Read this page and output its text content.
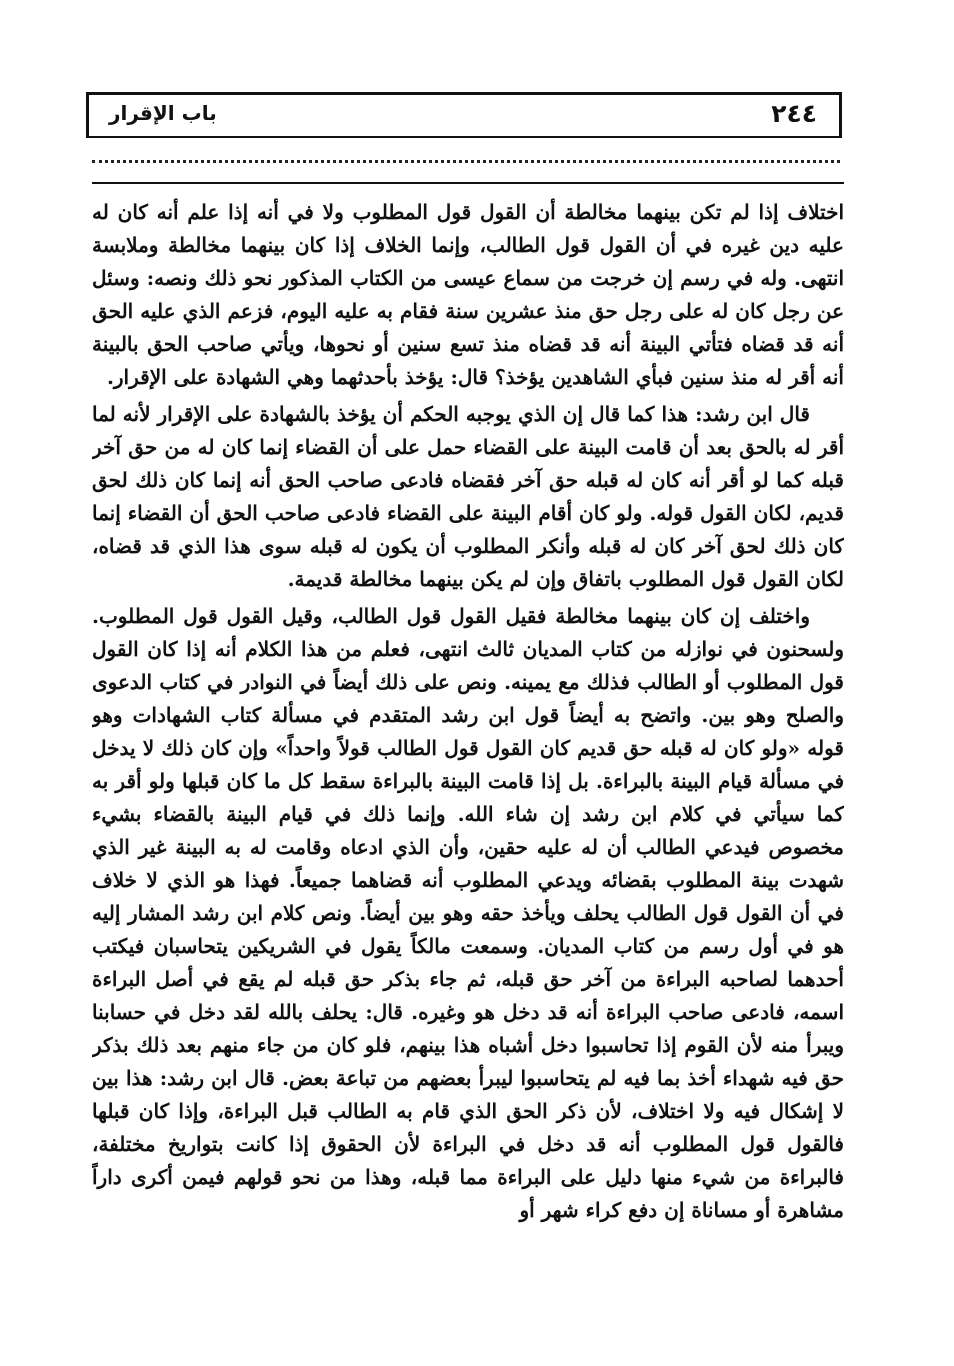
٢٤٤
باب الإقرار

اختلاف إذا لم تكن بينهما مخالطة أن القول قول المطلوب ولا في أنه إذا علم أنه كان له عليه دين غيره في أن القول قول الطالب، وإنما الخلاف إذا كان بينهما مخالطة وملابسة انتهى. وله في رسم إن خرجت من سماع عيسى من الكتاب المذكور نحو ذلك ونصه: وسئل عن رجل كان له على رجل حق منذ عشرين سنة فقام به عليه اليوم، فزعم الذي عليه الحق أنه قد قضاه فتأتي البينة أنه قد قضاه منذ تسع سنين أو نحوها، ويأتي صاحب الحق بالبينة أنه أقر له منذ سنين فبأي الشاهدين يؤخذ؟ قال: يؤخذ بأحدثهما وهي الشهادة على الإقرار.

قال ابن رشد: هذا كما قال إن الذي يوجبه الحكم أن يؤخذ بالشهادة على الإقرار لأنه لما أقر له بالحق بعد أن قامت البينة على القضاء حمل على أن القضاء إنما كان له من حق آخر قبله كما لو أقر أنه كان له قبله حق آخر فقضاه فادعى صاحب الحق أنه إنما كان ذلك لحق قديم، لكان القول قوله. ولو كان أقام البينة على القضاء فادعى صاحب الحق أن القضاء إنما كان ذلك لحق آخر كان له قبله وأنكر المطلوب أن يكون له قبله سوى هذا الذي قد قضاه، لكان القول قول المطلوب باتفاق وإن لم يكن بينهما مخالطة قديمة.

واختلف إن كان بينهما مخالطة فقيل القول قول الطالب، وقيل القول قول المطلوب. ولسحنون في نوازله من كتاب المديان ثالث انتهى، فعلم من هذا الكلام أنه إذا كان القول قول المطلوب أو الطالب فذلك مع يمينه. ونص على ذلك أيضاً في النوادر في كتاب الدعوى والصلح وهو بين. واتضح به أيضاً قول ابن رشد المتقدم في مسألة كتاب الشهادات وهو قوله «ولو كان له قبله حق قديم كان القول قول الطالب قولاً واحداً» وإن كان ذلك لا يدخل في مسألة قيام البينة بالبراءة. بل إذا قامت البينة بالبراءة سقط كل ما كان قبلها ولو أقر به كما سيأتي في كلام ابن رشد إن شاء الله. وإنما ذلك في قيام البينة بالقضاء بشيء مخصوص فيدعي الطالب أن له عليه حقين، وأن الذي ادعاه وقامت له به البينة غير الذي شهدت بينة المطلوب بقضائه ويدعي المطلوب أنه قضاهما جميعاً. فهذا هو الذي لا خلاف في أن القول قول الطالب يحلف ويأخذ حقه وهو بين أيضاً. ونص كلام ابن رشد المشار إليه هو في أول رسم من كتاب المديان. وسمعت مالكاً يقول في الشريكين يتحاسبان فيكتب أحدهما لصاحبه البراءة من آخر حق قبله، ثم جاء بذكر حق قبله لم يقع في أصل البراءة اسمه، فادعى صاحب البراءة أنه قد دخل هو وغيره. قال: يحلف بالله لقد دخل في حسابنا ويبرأ منه لأن القوم إذا تحاسبوا دخل أشباه هذا بينهم، فلو كان من جاء منهم بعد ذلك بذكر حق فيه شهداء أخذ بما فيه لم يتحاسبوا ليبرأ بعضهم من تباعة بعض. قال ابن رشد: هذا بين لا إشكال فيه ولا اختلاف، لأن ذكر الحق الذي قام به الطالب قبل البراءة، وإذا كان قبلها فالقول قول المطلوب أنه قد دخل في البراءة لأن الحقوق إذا كانت بتواريخ مختلفة، فالبراءة من شيء منها دليل على البراءة مما قبله، وهذا من نحو قولهم فيمن أكرى داراً مشاهرة أو مساناة إن دفع كراء شهر أو
